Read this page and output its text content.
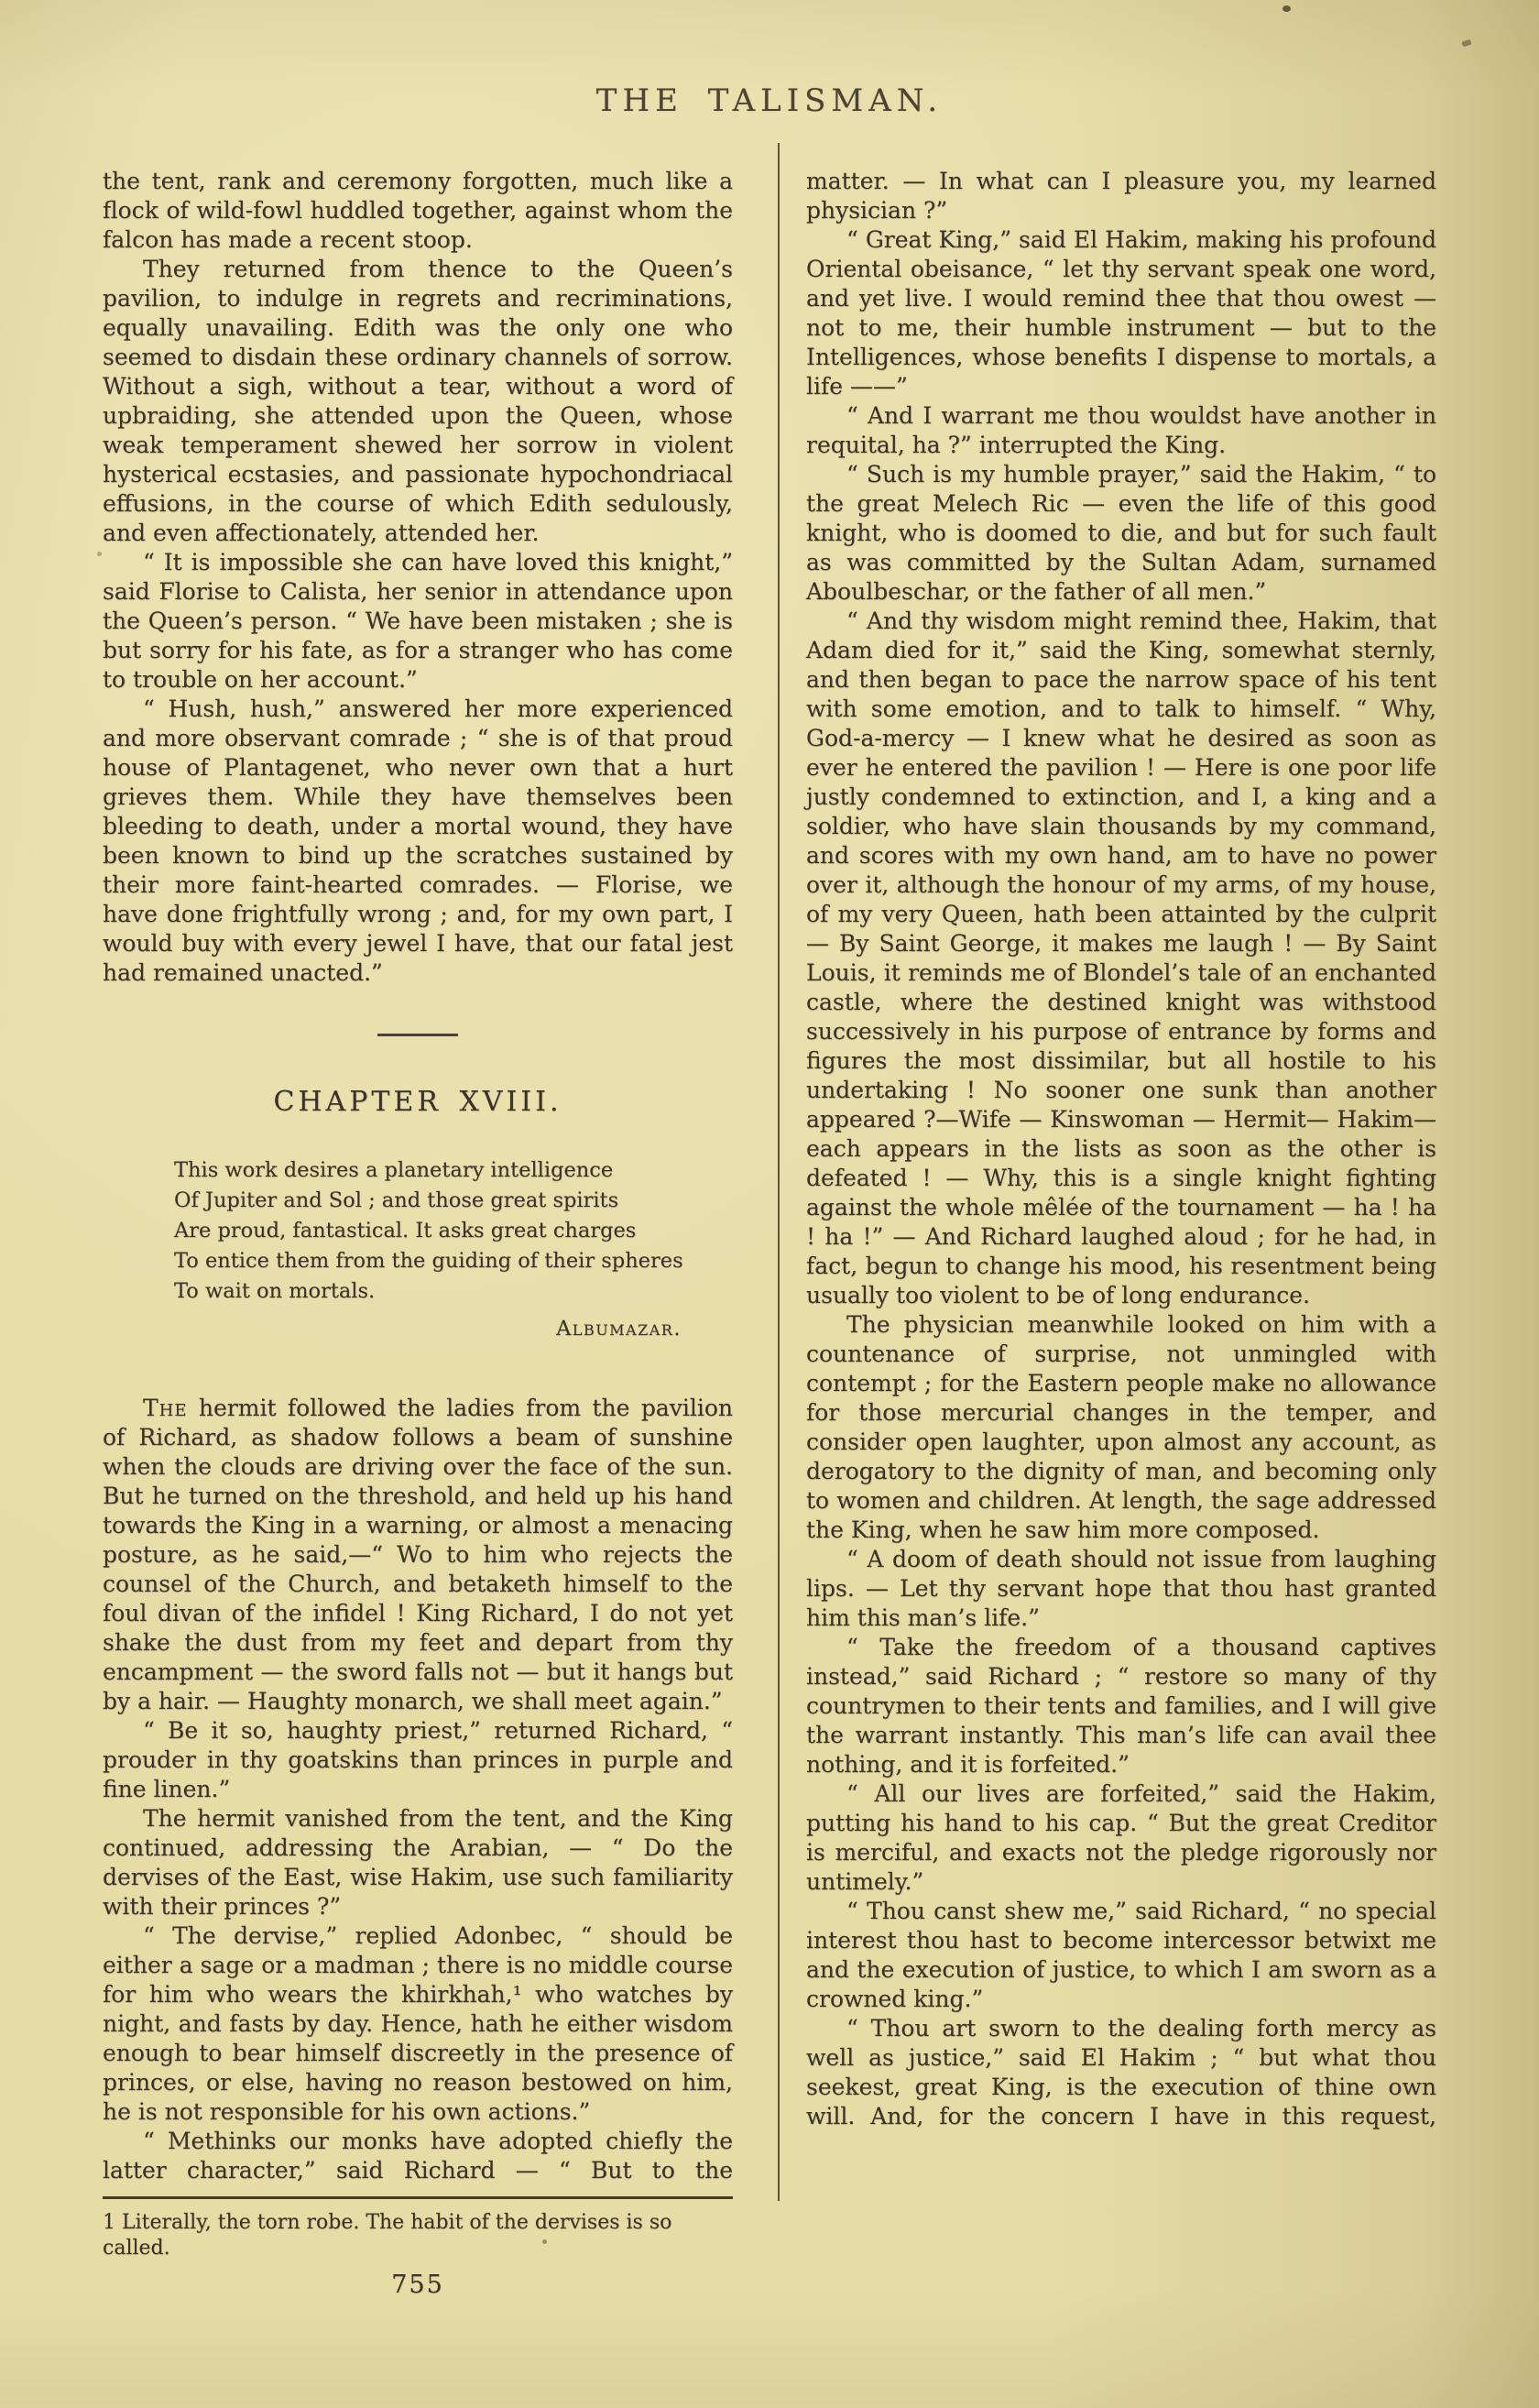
THE TALISMAN.

the tent, rank and ceremony forgotten, much like a flock of wild-fowl huddled together, against whom the falcon has made a recent stoop.

They returned from thence to the Queen’s pavilion, to indulge in regrets and recriminations, equally unavailing. Edith was the only one who seemed to disdain these ordinary channels of sorrow. Without a sigh, without a tear, without a word of upbraiding, she attended upon the Queen, whose weak temperament shewed her sorrow in violent hysterical ecstasies, and passionate hypochondriacal effusions, in the course of which Edith sedulously, and even affectionately, attended her.

“ It is impossible she can have loved this knight,” said Florise to Calista, her senior in attendance upon the Queen’s person. “ We have been mistaken ; she is but sorry for his fate, as for a stranger who has come to trouble on her account.”

“ Hush, hush,” answered her more experienced and more observant comrade ; “ she is of that proud house of Plantagenet, who never own that a hurt grieves them. While they have themselves been bleeding to death, under a mortal wound, they have been known to bind up the scratches sustained by their more faint-hearted comrades. — Florise, we have done frightfully wrong ; and, for my own part, I would buy with every jewel I have, that our fatal jest had remained unacted.”

CHAPTER XVIII.
This work desires a planetary intelligence
Of Jupiter and Sol ; and those great spirits
Are proud, fantastical. It asks great charges
To entice them from the guiding of their spheres
To wait on mortals.
Albumazar.

The hermit followed the ladies from the pavilion of Richard, as shadow follows a beam of sunshine when the clouds are driving over the face of the sun. But he turned on the threshold, and held up his hand towards the King in a warning, or almost a menacing posture, as he said,—“ Wo to him who rejects the counsel of the Church, and betaketh himself to the foul divan of the infidel ! King Richard, I do not yet shake the dust from my feet and depart from thy encampment — the sword falls not — but it hangs but by a hair. — Haughty monarch, we shall meet again.”

“ Be it so, haughty priest,” returned Richard, “ prouder in thy goatskins than princes in purple and fine linen.”

The hermit vanished from the tent, and the King continued, addressing the Arabian, — “ Do the dervises of the East, wise Hakim, use such familiarity with their princes ?”

“ The dervise,” replied Adonbec, “ should be either a sage or a madman ; there is no middle course for him who wears the khirkhah,¹ who watches by night, and fasts by day. Hence, hath he either wisdom enough to bear himself discreetly in the presence of princes, or else, having no reason bestowed on him, he is not responsible for his own actions.”

“ Methinks our monks have adopted chiefly the latter character,” said Richard — “ But to the

1 Literally, the torn robe. The habit of the dervises is so called.

755

matter. — In what can I pleasure you, my learned physician ?”

“ Great King,” said El Hakim, making his profound Oriental obeisance, “ let thy servant speak one word, and yet live. I would remind thee that thou owest — not to me, their humble instrument — but to the Intelligences, whose benefits I dispense to mortals, a life ——”

“ And I warrant me thou wouldst have another in requital, ha ?” interrupted the King.

“ Such is my humble prayer,” said the Hakim, “ to the great Melech Ric — even the life of this good knight, who is doomed to die, and but for such fault as was committed by the Sultan Adam, surnamed Aboulbeschar, or the father of all men.”

“ And thy wisdom might remind thee, Hakim, that Adam died for it,” said the King, somewhat sternly, and then began to pace the narrow space of his tent with some emotion, and to talk to himself. “ Why, God-a-mercy — I knew what he desired as soon as ever he entered the pavilion ! — Here is one poor life justly condemned to extinction, and I, a king and a soldier, who have slain thousands by my command, and scores with my own hand, am to have no power over it, although the honour of my arms, of my house, of my very Queen, hath been attainted by the culprit — By Saint George, it makes me laugh ! — By Saint Louis, it reminds me of Blondel’s tale of an enchanted castle, where the destined knight was withstood successively in his purpose of entrance by forms and figures the most dissimilar, but all hostile to his undertaking ! No sooner one sunk than another appeared ?—Wife — Kinswoman — Hermit— Hakim—each appears in the lists as soon as the other is defeated ! — Why, this is a single knight fighting against the whole mêlée of the tournament — ha ! ha ! ha !” — And Richard laughed aloud ; for he had, in fact, begun to change his mood, his resentment being usually too violent to be of long endurance.

The physician meanwhile looked on him with a countenance of surprise, not unmingled with contempt ; for the Eastern people make no allowance for those mercurial changes in the temper, and consider open laughter, upon almost any account, as derogatory to the dignity of man, and becoming only to women and children. At length, the sage addressed the King, when he saw him more composed.

“ A doom of death should not issue from laughing lips. — Let thy servant hope that thou hast granted him this man’s life.”

“ Take the freedom of a thousand captives instead,” said Richard ; “ restore so many of thy countrymen to their tents and families, and I will give the warrant instantly. This man’s life can avail thee nothing, and it is forfeited.”

“ All our lives are forfeited,” said the Hakim, putting his hand to his cap. “ But the great Creditor is merciful, and exacts not the pledge rigorously nor untimely.”

“ Thou canst shew me,” said Richard, “ no special interest thou hast to become intercessor betwixt me and the execution of justice, to which I am sworn as a crowned king.”

“ Thou art sworn to the dealing forth mercy as well as justice,” said El Hakim ; “ but what thou seekest, great King, is the execution of thine own will. And, for the concern I have in this request,
